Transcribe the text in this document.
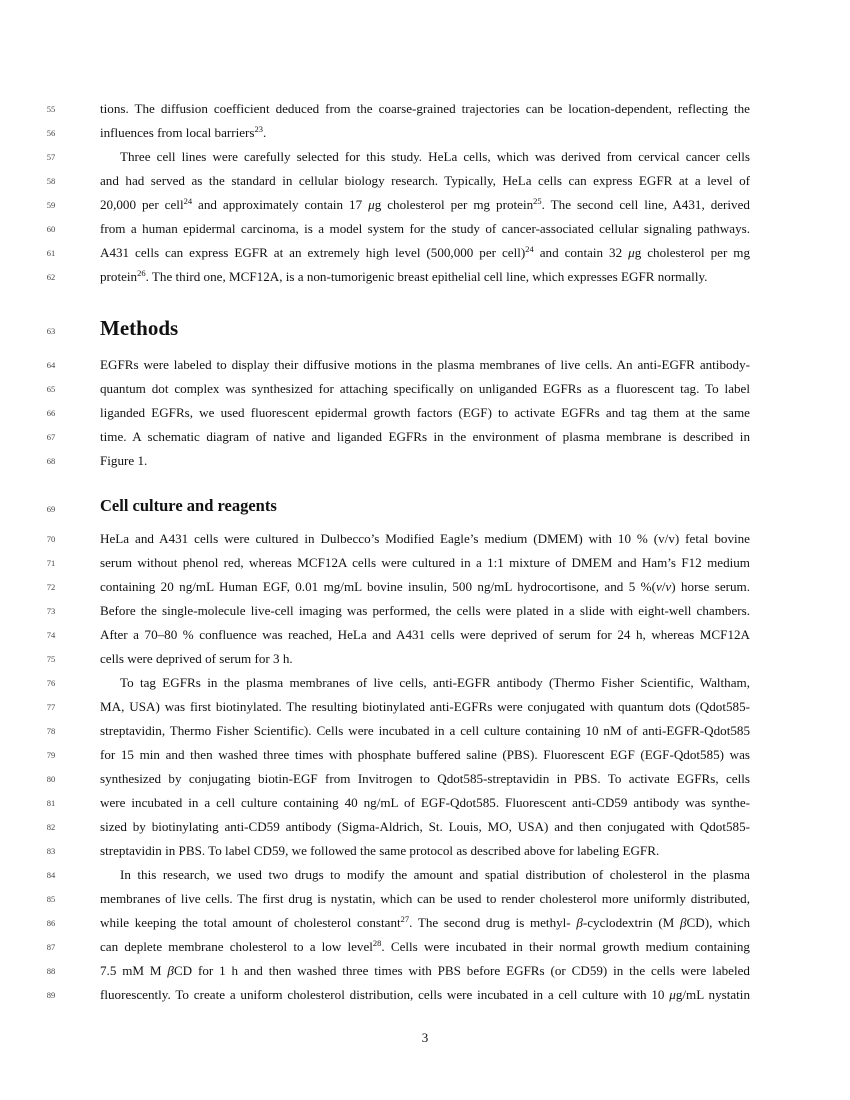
55	tions. The diffusion coefficient deduced from the coarse-grained trajectories can be location-dependent, reflecting the
56	influences from local barriers$^{23}$.
57	Three cell lines were carefully selected for this study. HeLa cells, which was derived from cervical cancer cells
58	and had served as the standard in cellular biology research. Typically, HeLa cells can express EGFR at a level of
59	20,000 per cell$^{24}$ and approximately contain 17 μg cholesterol per mg protein$^{25}$. The second cell line, A431, derived
60	from a human epidermal carcinoma, is a model system for the study of cancer-associated cellular signaling pathways.
61	A431 cells can express EGFR at an extremely high level (500,000 per cell)$^{24}$ and contain 32 μg cholesterol per mg
62	protein$^{26}$. The third one, MCF12A, is a non-tumorigenic breast epithelial cell line, which expresses EGFR normally.
64	EGFRs were labeled to display their diffusive motions in the plasma membranes of live cells. An anti-EGFR antibody-
65	quantum dot complex was synthesized for attaching specifically on unliganded EGFRs as a fluorescent tag. To label
66	liganded EGFRs, we used fluorescent epidermal growth factors (EGF) to activate EGFRs and tag them at the same
67	time. A schematic diagram of native and liganded EGFRs in the environment of plasma membrane is described in
68	Figure 1.
70	HeLa and A431 cells were cultured in Dulbecco’s Modified Eagle’s medium (DMEM) with 10 % (v/v) fetal bovine
71	serum without phenol red, whereas MCF12A cells were cultured in a 1:1 mixture of DMEM and Ham’s F12 medium
72	containing 20 ng/mL Human EGF, 0.01 mg/mL bovine insulin, 500 ng/mL hydrocortisone, and 5 %(v/v) horse serum.
73	Before the single-molecule live-cell imaging was performed, the cells were plated in a slide with eight-well chambers.
74	After a 70–80 % confluence was reached, HeLa and A431 cells were deprived of serum for 24 h, whereas MCF12A
75	cells were deprived of serum for 3 h.
76	To tag EGFRs in the plasma membranes of live cells, anti-EGFR antibody (Thermo Fisher Scientific, Waltham,
77	MA, USA) was first biotinylated. The resulting biotinylated anti-EGFRs were conjugated with quantum dots (Qdot585-
78	streptavidin, Thermo Fisher Scientific). Cells were incubated in a cell culture containing 10 nM of anti-EGFR-Qdot585
79	for 15 min and then washed three times with phosphate buffered saline (PBS). Fluorescent EGF (EGF-Qdot585) was
80	synthesized by conjugating biotin-EGF from Invitrogen to Qdot585-streptavidin in PBS. To activate EGFRs, cells
81	were incubated in a cell culture containing 40 ng/mL of EGF-Qdot585. Fluorescent anti-CD59 antibody was synthe-
82	sized by biotinylating anti-CD59 antibody (Sigma-Aldrich, St. Louis, MO, USA) and then conjugated with Qdot585-
83	streptavidin in PBS. To label CD59, we followed the same protocol as described above for labeling EGFR.
84	In this research, we used two drugs to modify the amount and spatial distribution of cholesterol in the plasma
85	membranes of live cells. The first drug is nystatin, which can be used to render cholesterol more uniformly distributed,
86	while keeping the total amount of cholesterol constant$^{27}$. The second drug is methyl- β-cyclodextrin (M βCD), which
87	can deplete membrane cholesterol to a low level$^{28}$. Cells were incubated in their normal growth medium containing
88	7.5 mM M βCD for 1 h and then washed three times with PBS before EGFRs (or CD59) in the cells were labeled
89	fluorescently. To create a uniform cholesterol distribution, cells were incubated in a cell culture with 10 μg/mL nystatin
63	Methods
69	Cell culture and reagents
3
